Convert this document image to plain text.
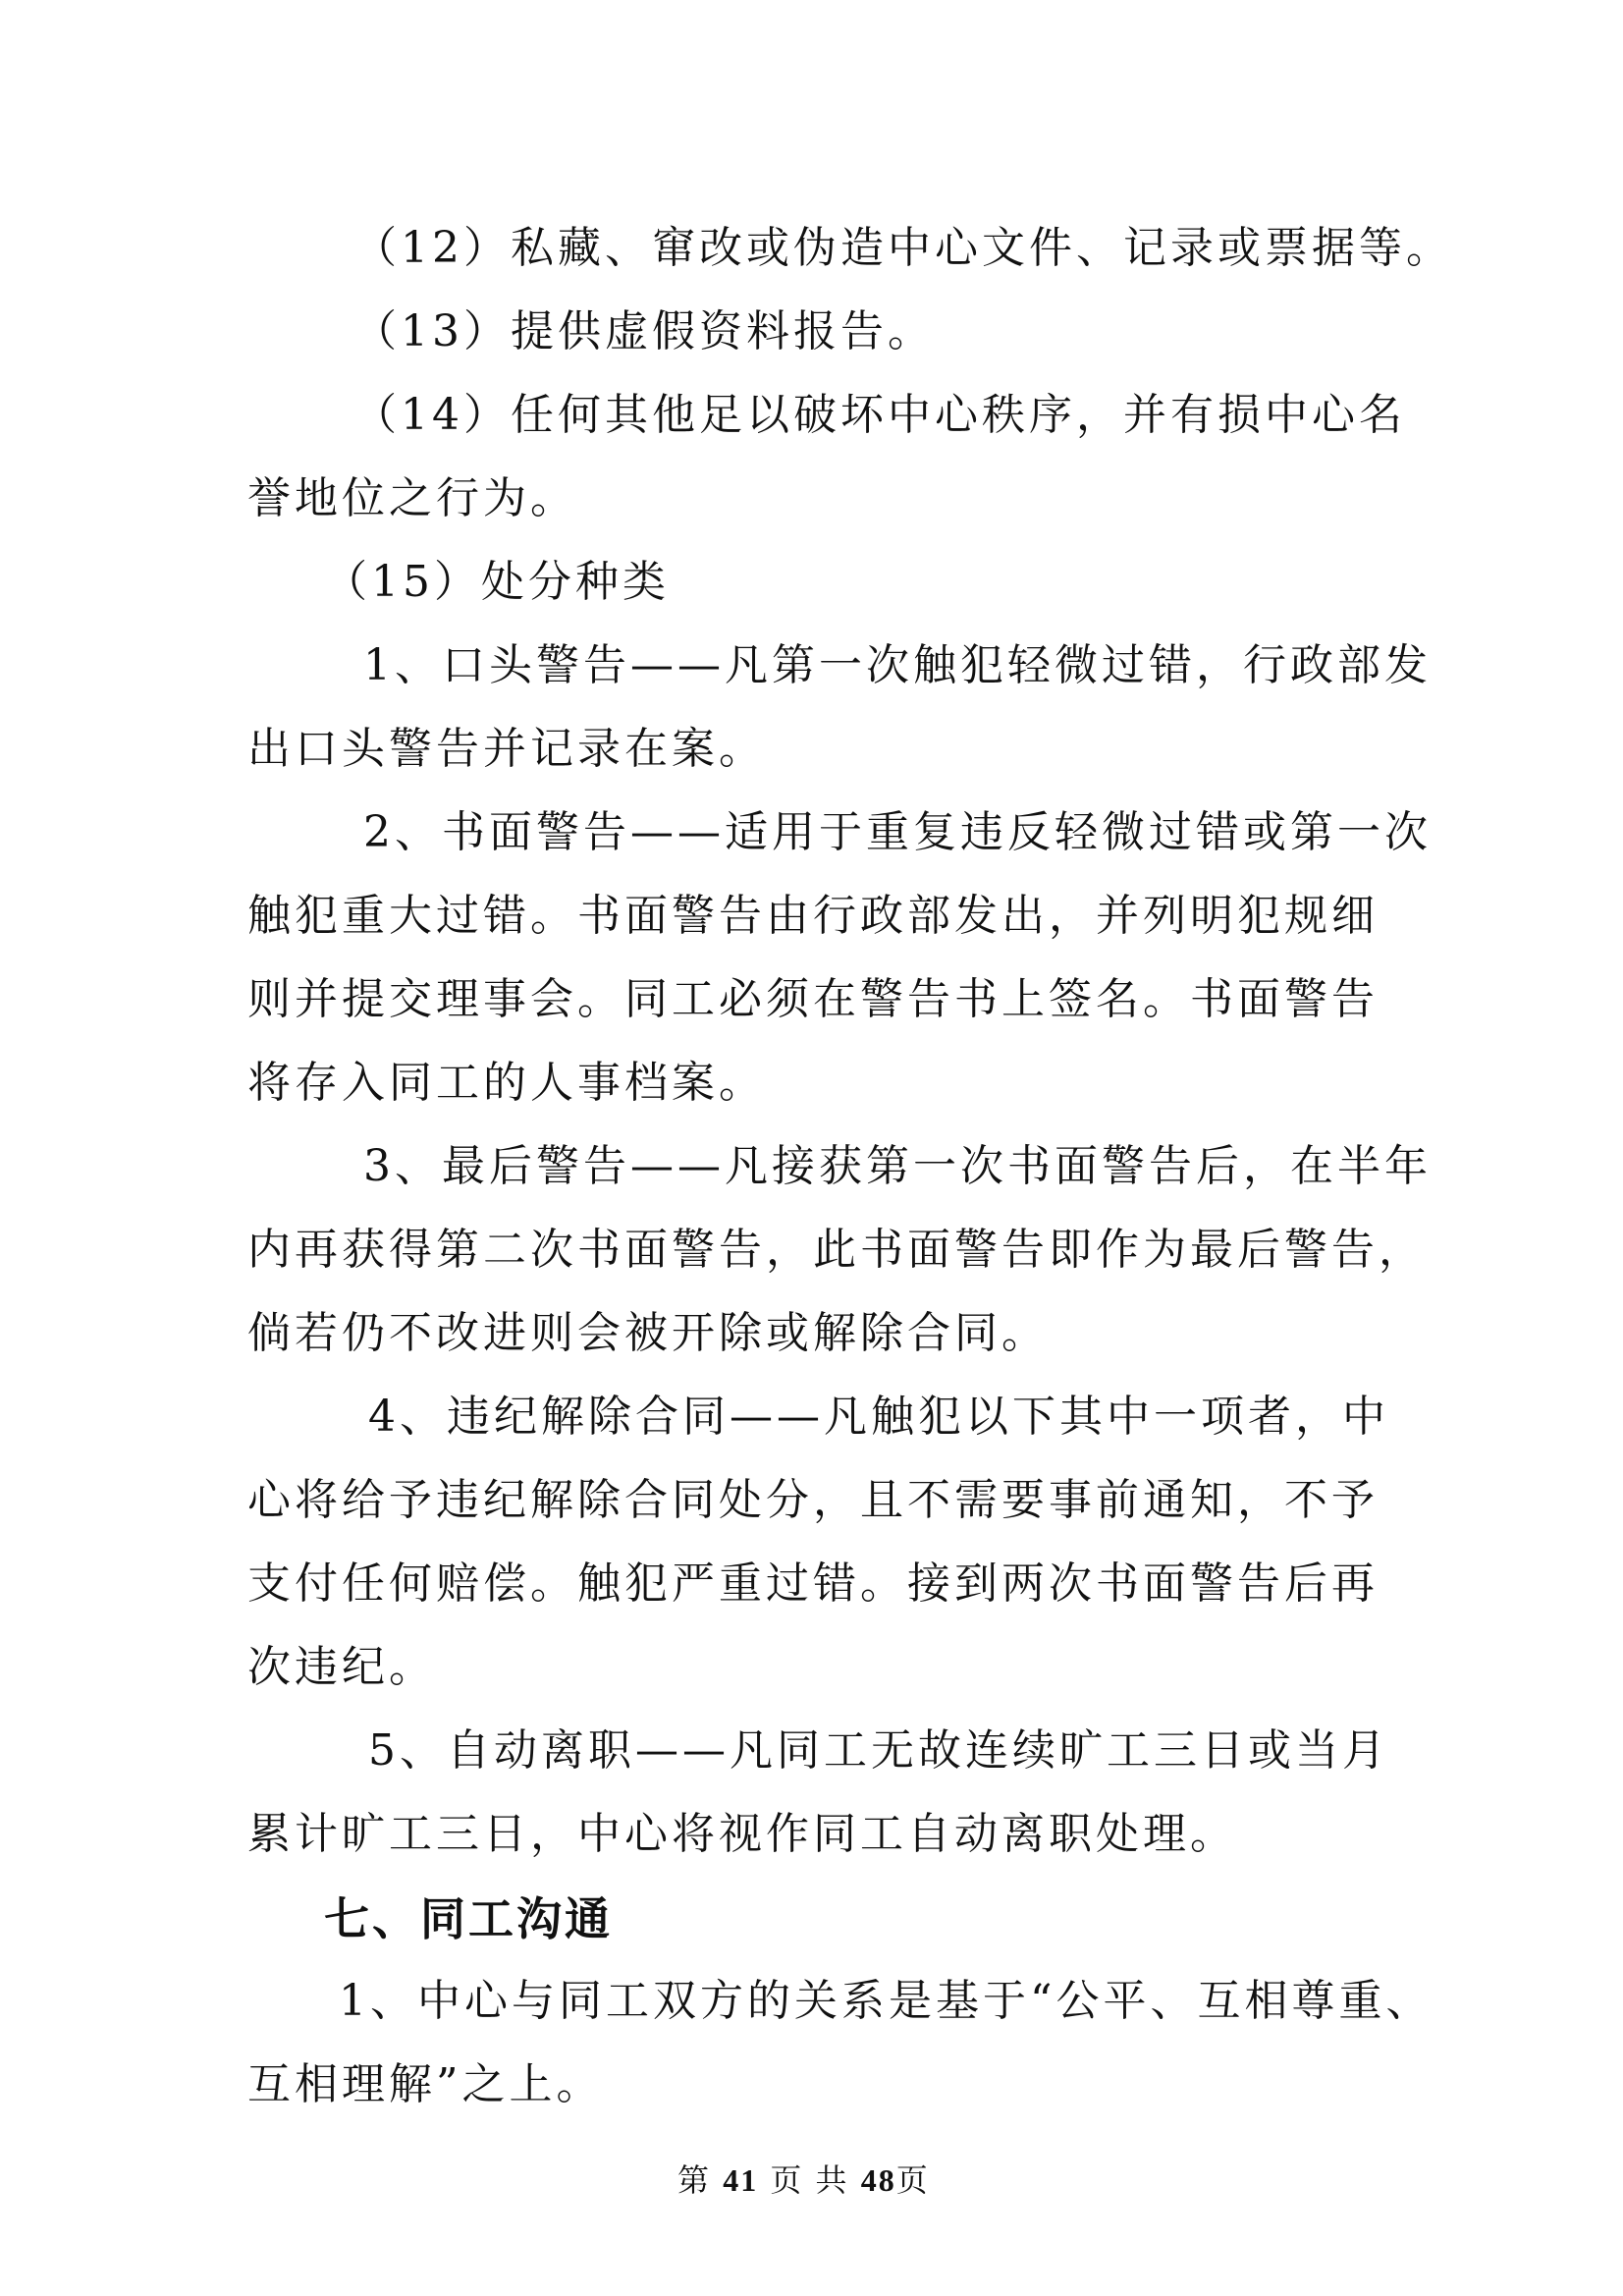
（12）私藏、窜改或伪造中心文件、记录或票据等。
（13）提供虚假资料报告。
（14）任何其他足以破坏中心秩序，并有损中心名
誉地位之行为。
（15）处分种类
1、口头警告——凡第一次触犯轻微过错，行政部发
出口头警告并记录在案。
2、书面警告——适用于重复违反轻微过错或第一次
触犯重大过错。书面警告由行政部发出，并列明犯规细
则并提交理事会。同工必须在警告书上签名。书面警告
将存入同工的人事档案。
3、最后警告——凡接获第一次书面警告后，在半年
内再获得第二次书面警告，此书面警告即作为最后警告，
倘若仍不改进则会被开除或解除合同。
4、违纪解除合同——凡触犯以下其中一项者，中
心将给予违纪解除合同处分，且不需要事前通知，不予
支付任何赔偿。触犯严重过错。接到两次书面警告后再
次违纪。
5、自动离职——凡同工无故连续旷工三日或当月
累计旷工三日，中心将视作同工自动离职处理。
七、同工沟通
1、中心与同工双方的关系是基于“公平、互相尊重、
互相理解”之上。
第 41 页 共 48页
